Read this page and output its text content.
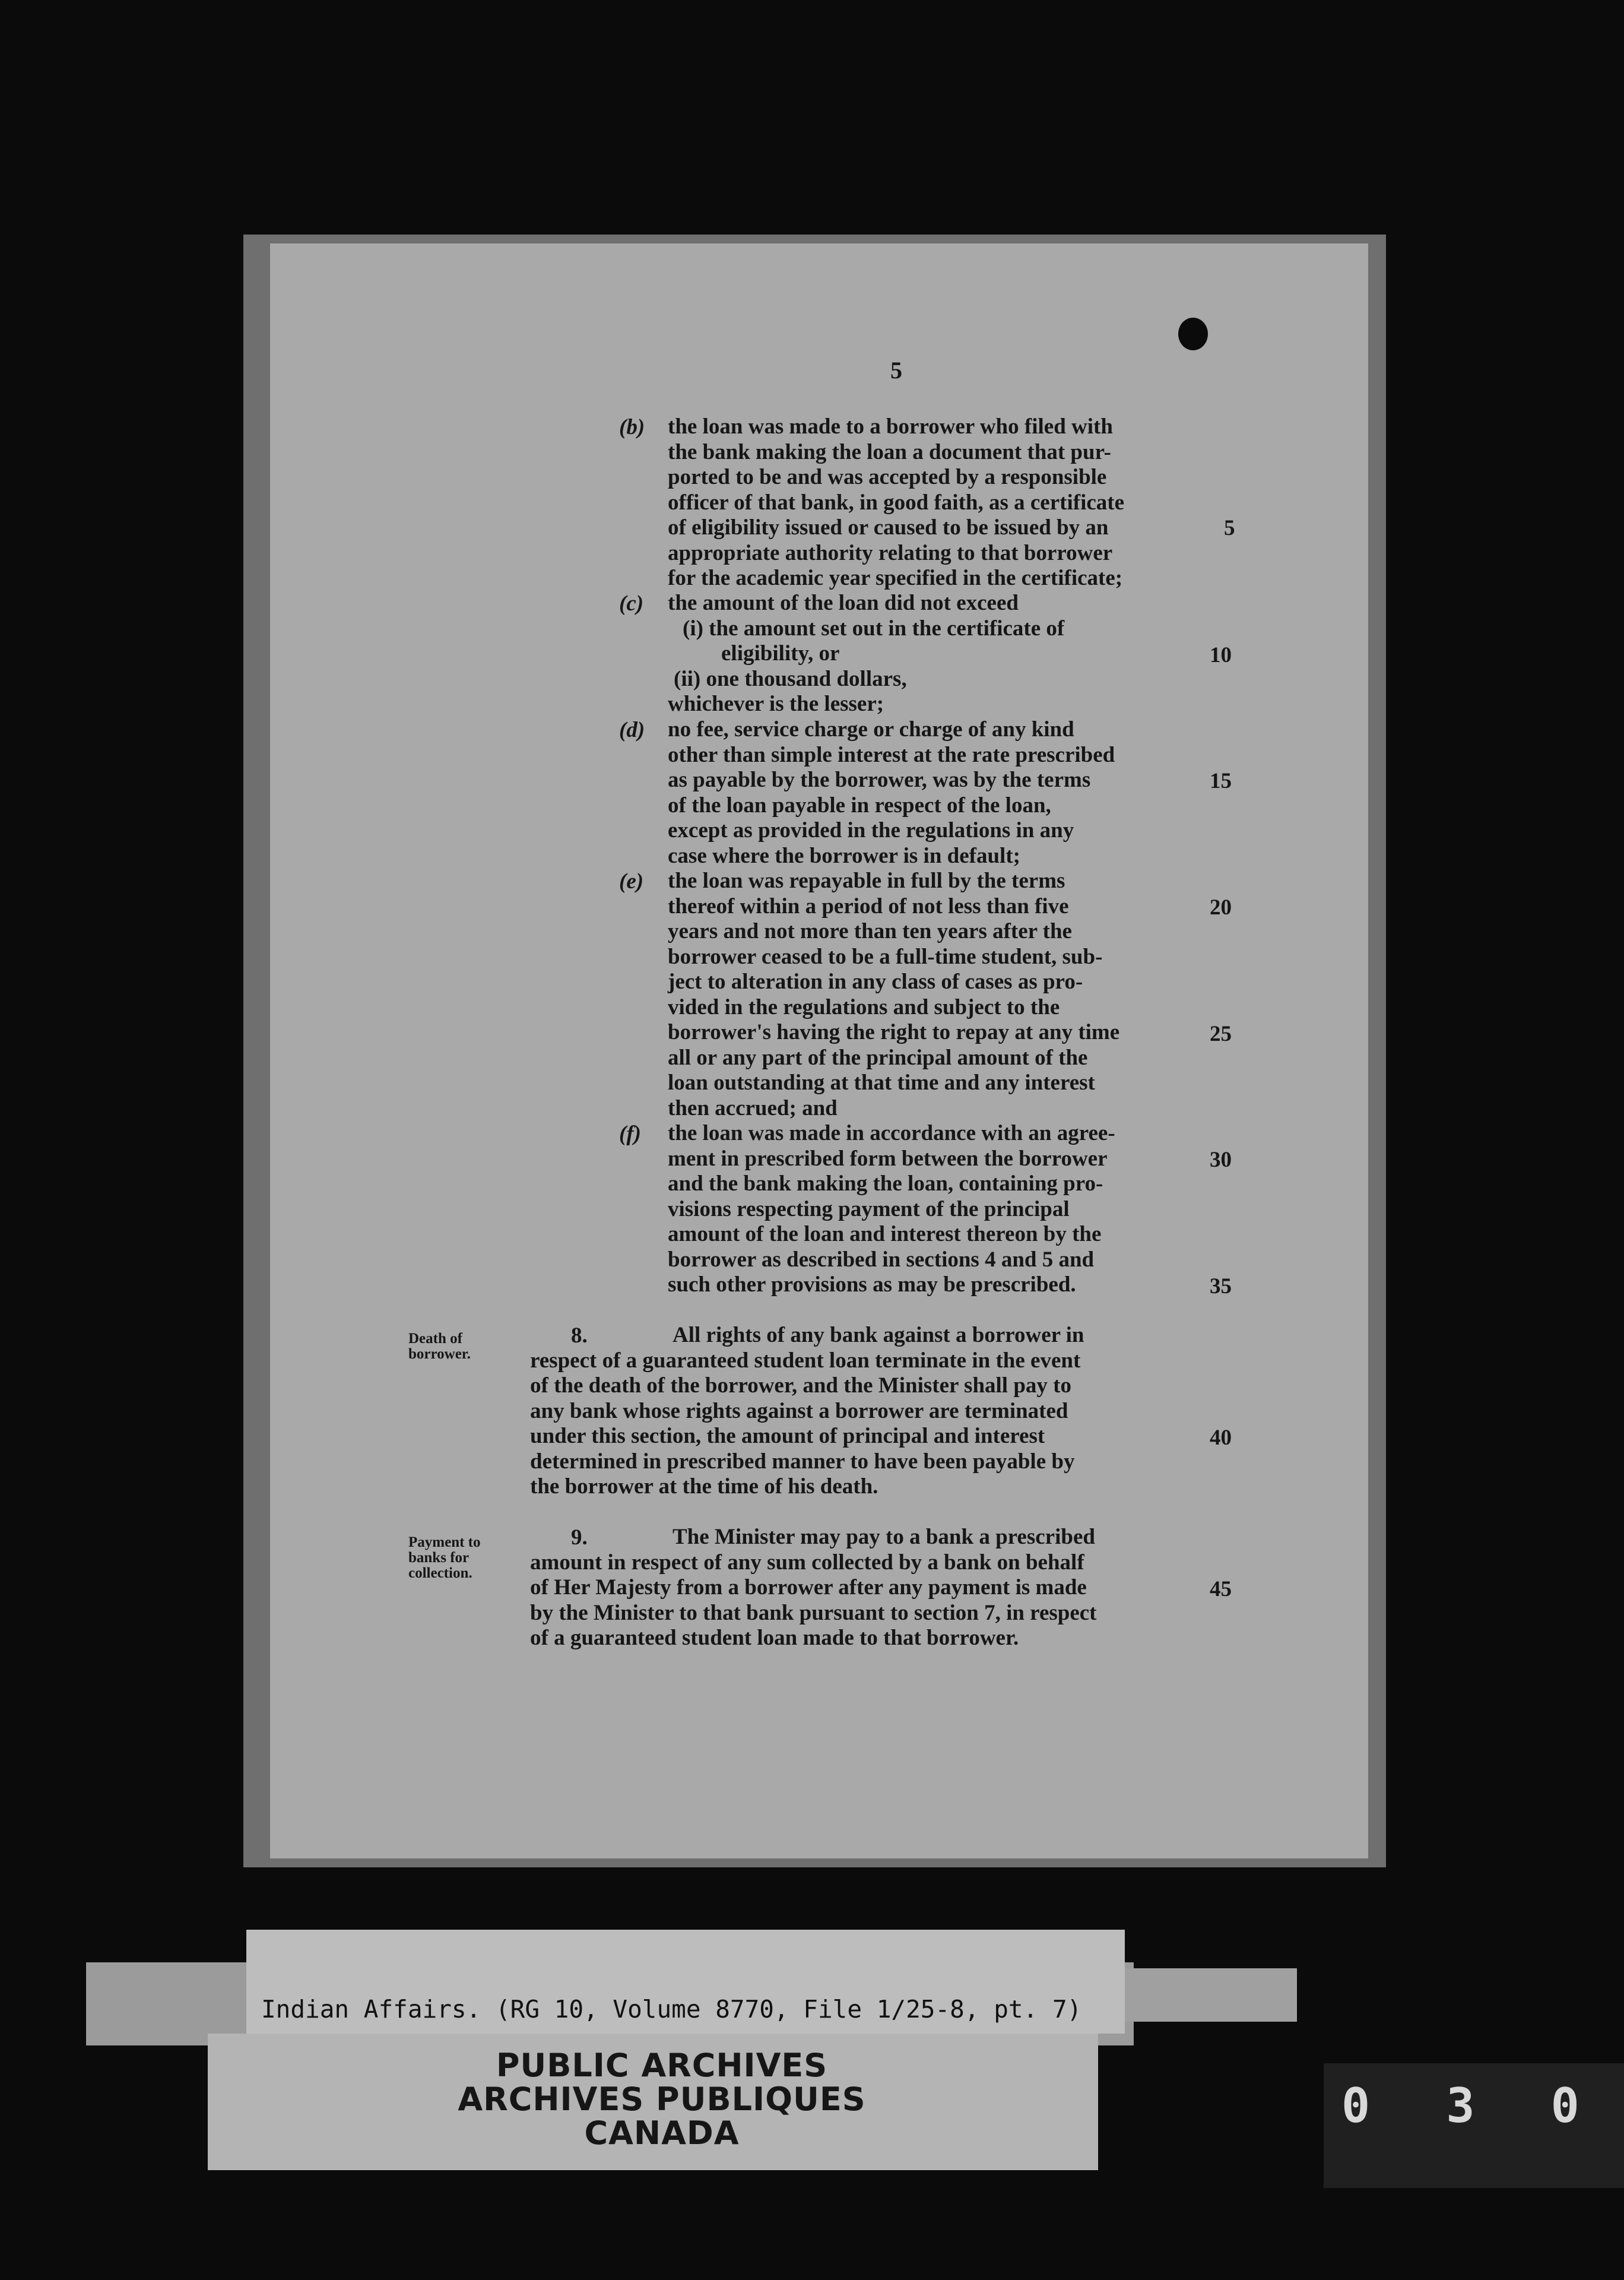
5
(b) the loan was made to a borrower who filed with
the bank making the loan a document that pur-
ported to be and was accepted by a responsible
officer of that bank, in good faith, as a certificate
of eligibility issued or caused to be issued by an
appropriate authority relating to that borrower
for the academic year specified in the certificate;
(c) the amount of the loan did not exceed
(i) the amount set out in the certificate of
eligibility, or
(ii) one thousand dollars,
whichever is the lesser;
(d) no fee, service charge or charge of any kind
other than simple interest at the rate prescribed
as payable by the borrower, was by the terms
of the loan payable in respect of the loan,
except as provided in the regulations in any
case where the borrower is in default;
(e) the loan was repayable in full by the terms
thereof within a period of not less than five
years and not more than ten years after the
borrower ceased to be a full-time student, sub-
ject to alteration in any class of cases as pro-
vided in the regulations and subject to the
borrower's having the right to repay at any time
all or any part of the principal amount of the
loan outstanding at that time and any interest
then accrued; and
(f) the loan was made in accordance with an agree-
ment in prescribed form between the borrower
and the bank making the loan, containing pro-
visions respecting payment of the principal
amount of the loan and interest thereon by the
borrower as described in sections 4 and 5 and
such other provisions as may be prescribed.
5
10
15
20
25
30
35
40
45
Death of
borrower.
8.	All rights of any bank against a borrower in
respect of a guaranteed student loan terminate in the event
of the death of the borrower, and the Minister shall pay to
any bank whose rights against a borrower are terminated
under this section, the amount of principal and interest
determined in prescribed manner to have been payable by
the borrower at the time of his death.
Payment to
banks for
collection.
9.	The Minister may pay to a bank a prescribed
amount in respect of any sum collected by a bank on behalf
of Her Majesty from a borrower after any payment is made
by the Minister to that bank pursuant to section 7, in respect
of a guaranteed student loan made to that borrower.
Indian Affairs. (RG 10, Volume 8770, File 1/25-8, pt. 7)
PUBLIC ARCHIVES
ARCHIVES PUBLIQUES
CANADA	0 3 0
